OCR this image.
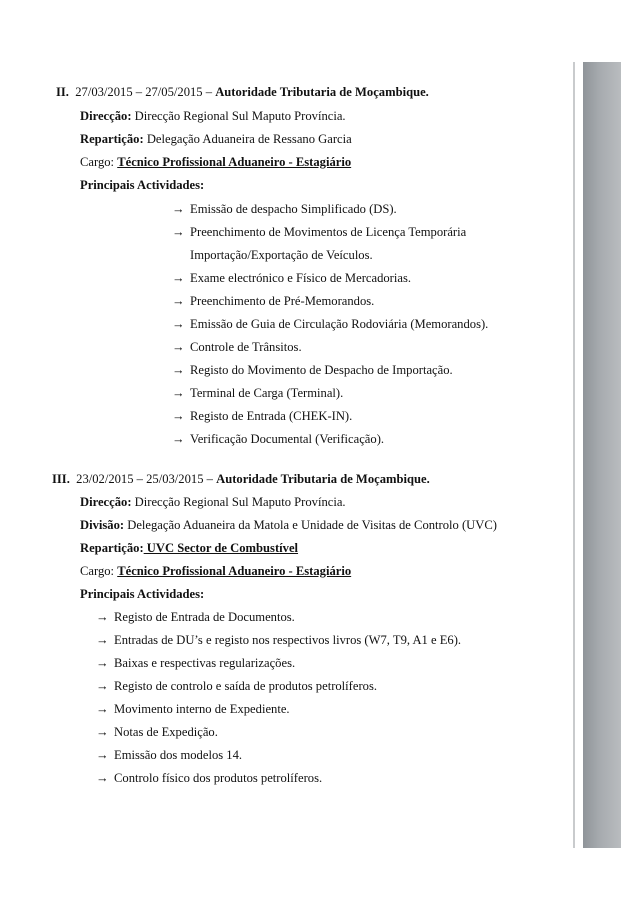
II. 27/03/2015 – 27/05/2015 – Autoridade Tributaria de Moçambique.
Direcção: Direcção Regional Sul Maputo Província.
Repartição: Delegação Aduaneira de Ressano Garcia
Cargo: Técnico Profissional Aduaneiro - Estagiário
Principais Actividades:
→ Emissão de despacho Simplificado (DS).
→ Preenchimento de Movimentos de Licença Temporária
Importação/Exportação de Veículos.
→ Exame electrónico e Físico de Mercadorias.
→ Preenchimento de Pré-Memorandos.
→ Emissão de Guia de Circulação Rodoviária (Memorandos).
→ Controle de Trânsitos.
→ Registo do Movimento de Despacho de Importação.
→ Terminal de Carga (Terminal).
→ Registo de Entrada (CHEK-IN).
→ Verificação Documental (Verificação).
III. 23/02/2015 – 25/03/2015 – Autoridade Tributaria de Moçambique.
Direcção: Direcção Regional Sul Maputo Província.
Divisão: Delegação Aduaneira da Matola e Unidade de Visitas de Controlo (UVC)
Repartição: UVC Sector de Combustível
Cargo: Técnico Profissional Aduaneiro - Estagiário
Principais Actividades:
→ Registo de Entrada de Documentos.
→ Entradas de DU’s e registo nos respectivos livros (W7, T9, A1 e E6).
→ Baixas e respectivas regularizações.
→ Registo de controlo e saída de produtos petrolíferos.
→ Movimento interno de Expediente.
→ Notas de Expedição.
→ Emissão dos modelos 14.
→ Controlo físico dos produtos petrolíferos.
